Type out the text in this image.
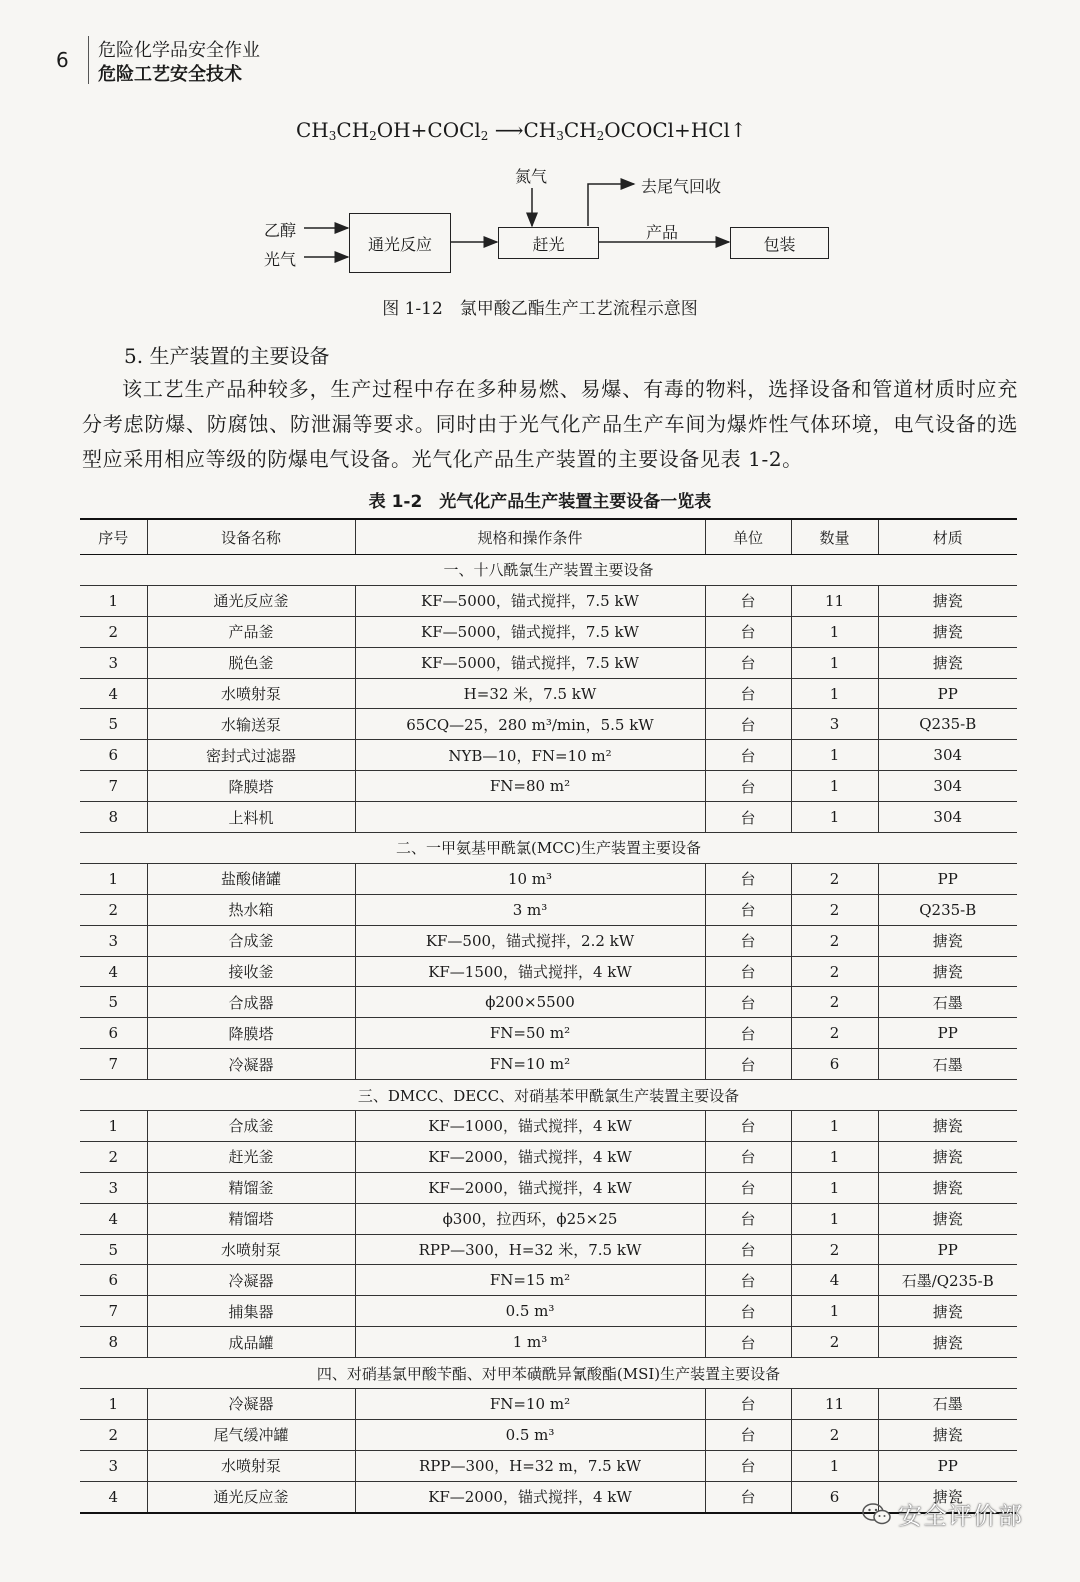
6 危险化学品安全作业
危险工艺安全技术
$CH_3CH_2OH+COCl_2$ $⟶CH_3CH_2OCOCl+HCl↑$
乙醇
光气
通光反应
氮气
赶光
去尾气回收
产品
包装
图 1-12　氯甲酸乙酯生产工艺流程示意图
5. 生产装置的主要设备
该工艺生产品种较多，生产过程中存在多种易燃、易爆、有毒的物料，选择设备和管道材质时应充分考虑防爆、防腐蚀、防泄漏等要求。同时由于光气化产品生产车间为爆炸性气体环境，电气设备的选型应采用相应等级的防爆电气设备。光气化产品生产装置的主要设备见表 1-2。
表 1-2　光气化产品生产装置主要设备一览表
序号	设备名称	规格和操作条件	单位	数量	材质
一、十八酰氯生产装置主要设备					
1	通光反应釜	KF—5000，锚式搅拌，7.5 kW	台	11	搪瓷
2	产品釜	KF—5000，锚式搅拌，7.5 kW	台	1	搪瓷
3	脱色釜	KF—5000，锚式搅拌，7.5 kW	台	1	搪瓷
4	水喷射泵	H=32 米，7.5 kW	台	1	PP
5	水输送泵	65CQ—25，280 m³/min，5.5 kW	台	3	Q235-B
6	密封式过滤器	NYB—10，FN=10 m²	台	1	304
7	降膜塔	FN=80 m²	台	1	304
8	上料机		台	1	304
二、一甲氨基甲酰氯(MCC)生产装置主要设备					
1	盐酸储罐	10 m³	台	2	PP
2	热水箱	3 m³	台	2	Q235-B
3	合成釜	KF—500，锚式搅拌，2.2 kW	台	2	搪瓷
4	接收釜	KF—1500，锚式搅拌，4 kW	台	2	搪瓷
5	合成器	ϕ200×5500	台	2	石墨
6	降膜塔	FN=50 m²	台	2	PP
7	冷凝器	FN=10 m²	台	6	石墨
三、DMCC、DECC、对硝基苯甲酰氯生产装置主要设备					
1	合成釜	KF—1000，锚式搅拌，4 kW	台	1	搪瓷
2	赶光釜	KF—2000，锚式搅拌，4 kW	台	1	搪瓷
3	精馏釜	KF—2000，锚式搅拌，4 kW	台	1	搪瓷
4	精馏塔	ϕ300，拉西环，ϕ25×25	台	1	搪瓷
5	水喷射泵	RPP—300，H=32 米，7.5 kW	台	2	PP
6	冷凝器	FN=15 m²	台	4	石墨/Q235-B
7	捕集器	0.5 m³	台	1	搪瓷
8	成品罐	1 m³	台	2	搪瓷
四、对硝基氯甲酸苄酯、对甲苯磺酰异氰酸酯(MSI)生产装置主要设备					
1	冷凝器	FN=10 m²	台	11	石墨
2	尾气缓冲罐	0.5 m³	台	2	搪瓷
3	水喷射泵	RPP—300，H=32 m，7.5 kW	台	1	PP
4	通光反应釜	KF—2000，锚式搅拌，4 kW	台	6	搪瓷
安全评价部
